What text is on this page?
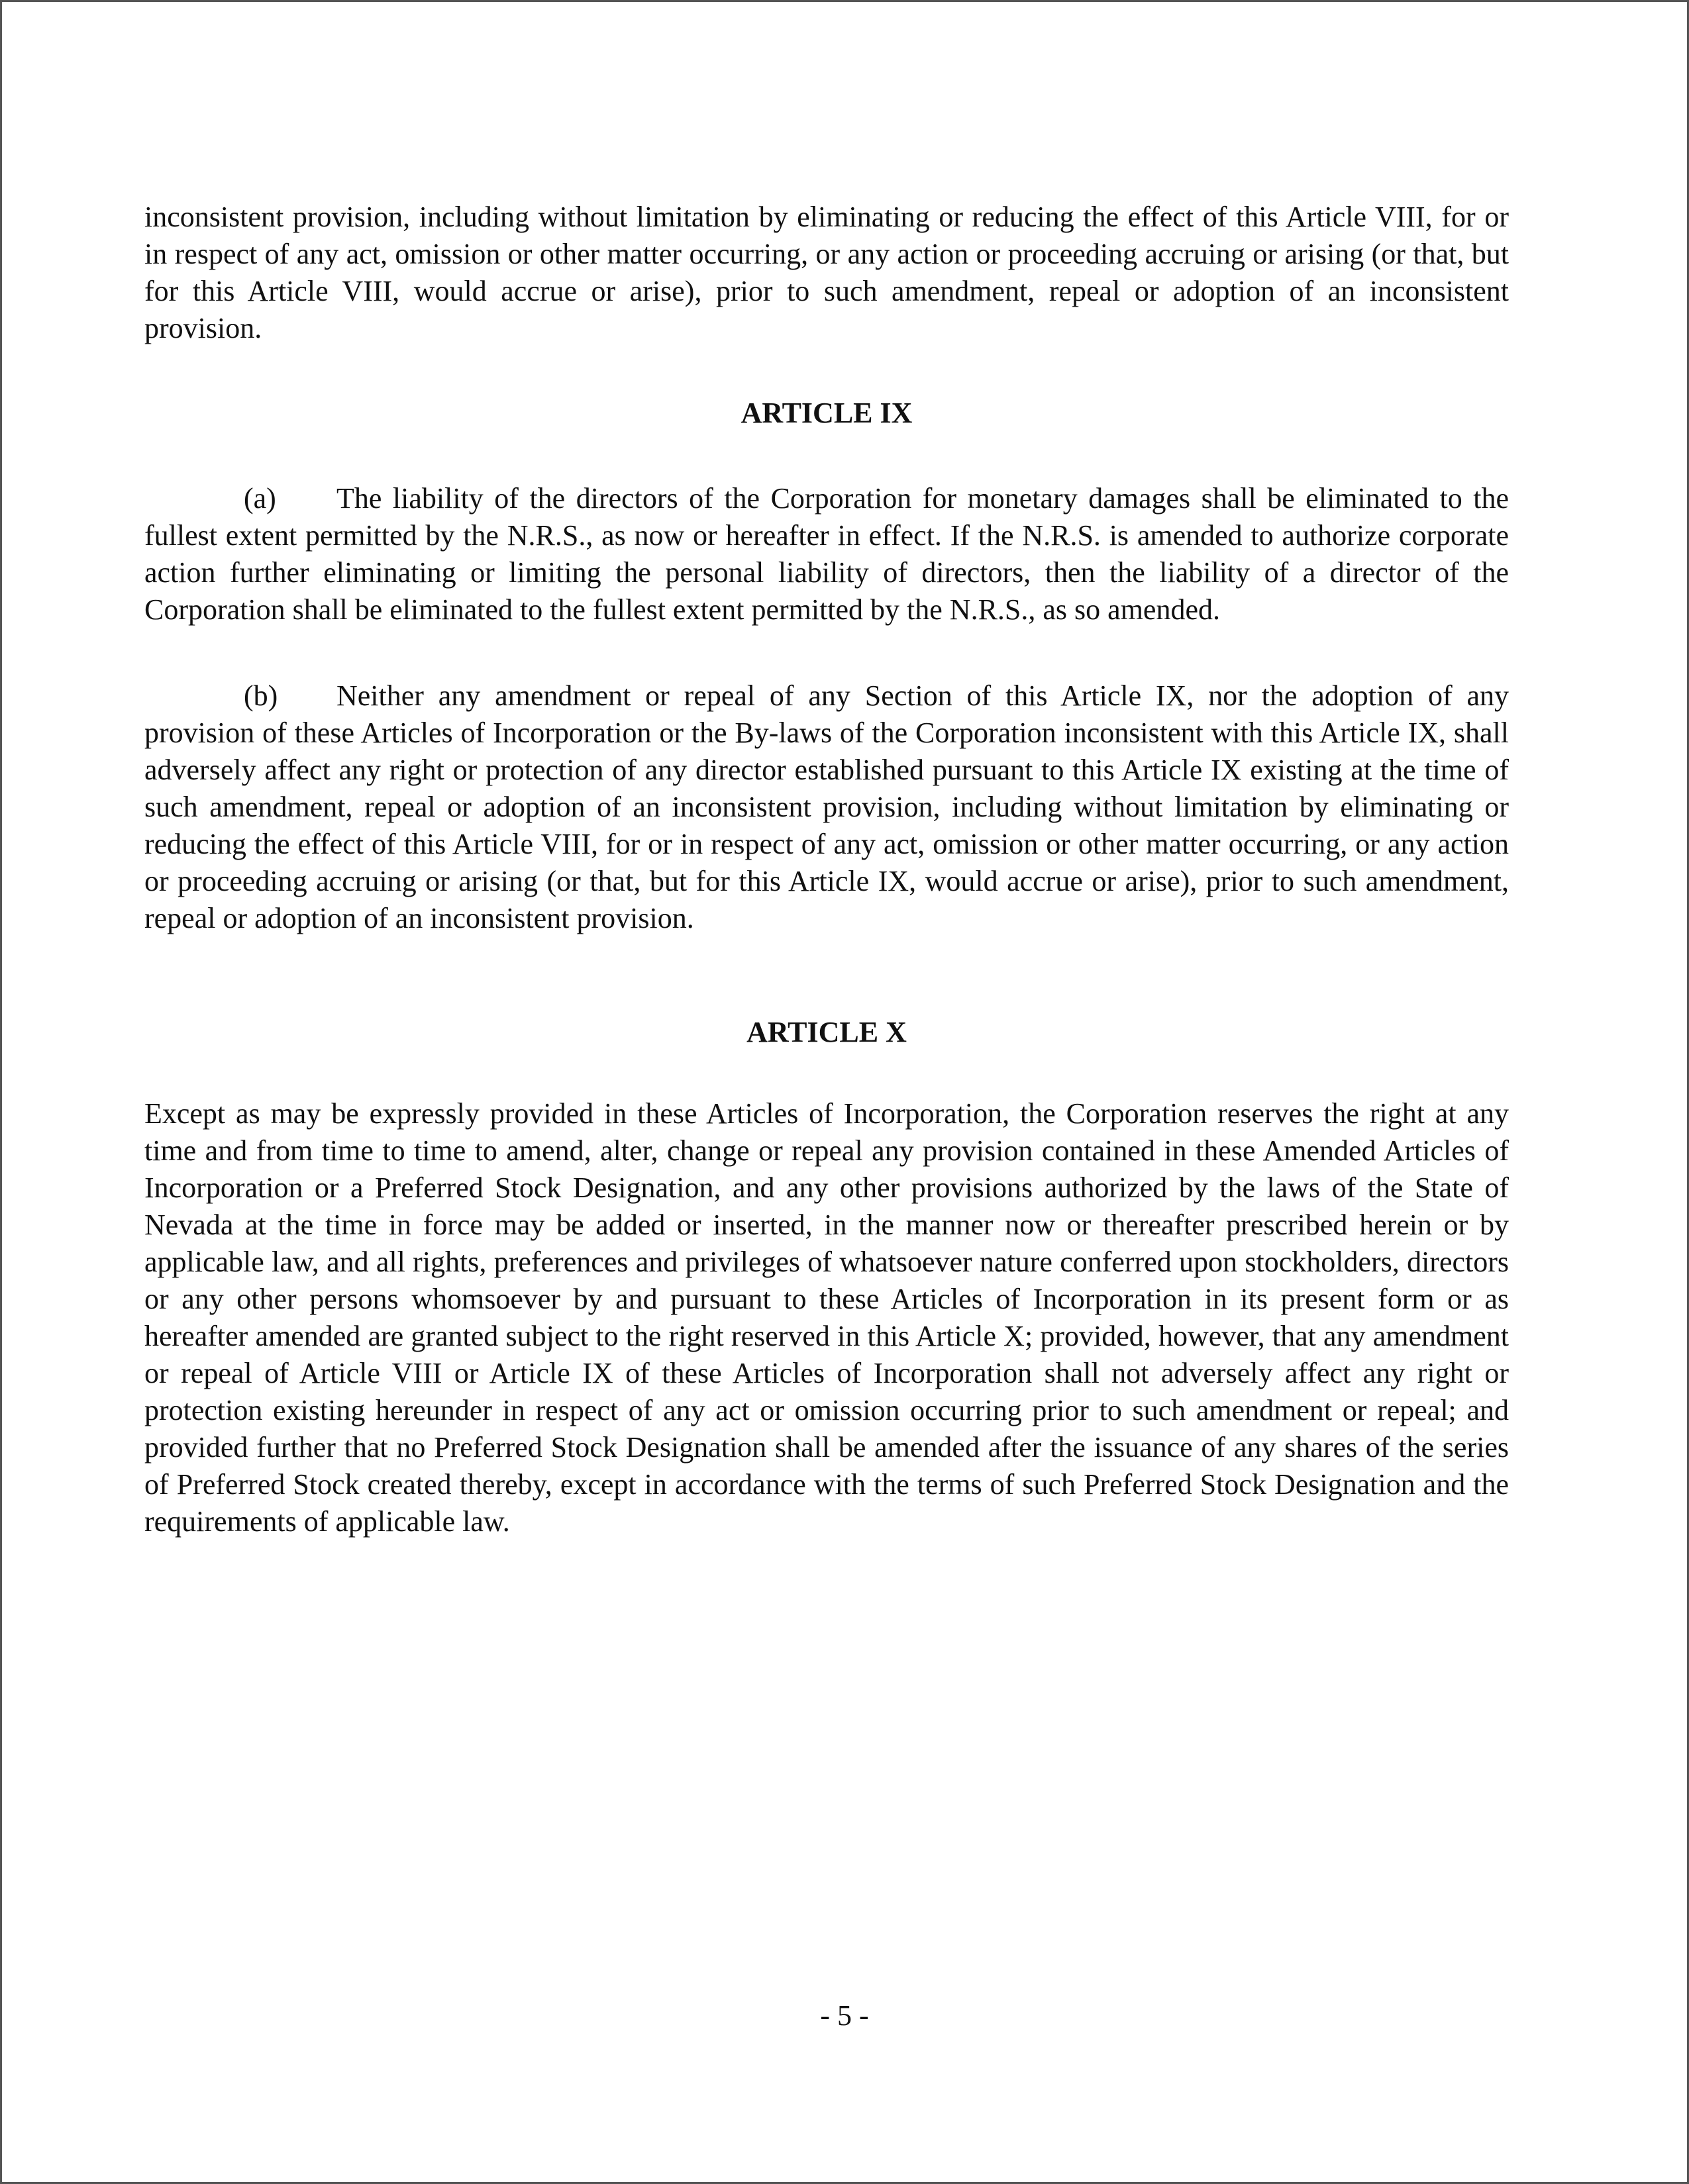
inconsistent provision, including without limitation by eliminating or reducing the effect of this Article VIII, for or in respect of any act, omission or other matter occurring, or any action or proceeding accruing or arising (or that, but for this Article VIII, would accrue or arise), prior to such amendment, repeal or adoption of an inconsistent provision.

ARTICLE IX

(a) The liability of the directors of the Corporation for monetary damages shall be eliminated to the fullest extent permitted by the N.R.S., as now or hereafter in effect. If the N.R.S. is amended to authorize corporate action further eliminating or limiting the personal liability of directors, then the liability of a director of the Corporation shall be eliminated to the fullest extent permitted by the N.R.S., as so amended.

(b) Neither any amendment or repeal of any Section of this Article IX, nor the adoption of any provision of these Articles of Incorporation or the By-laws of the Corporation inconsistent with this Article IX, shall adversely affect any right or protection of any director established pursuant to this Article IX existing at the time of such amendment, repeal or adoption of an inconsistent provision, including without limitation by eliminating or reducing the effect of this Article VIII, for or in respect of any act, omission or other matter occurring, or any action or proceeding accruing or arising (or that, but for this Article IX, would accrue or arise), prior to such amendment, repeal or adoption of an inconsistent provision.

ARTICLE X

Except as may be expressly provided in these Articles of Incorporation, the Corporation reserves the right at any time and from time to time to amend, alter, change or repeal any provision contained in these Amended Articles of Incorporation or a Preferred Stock Designation, and any other provisions authorized by the laws of the State of Nevada at the time in force may be added or inserted, in the manner now or thereafter prescribed herein or by applicable law, and all rights, preferences and privileges of whatsoever nature conferred upon stockholders, directors or any other persons whomsoever by and pursuant to these Articles of Incorporation in its present form or as hereafter amended are granted subject to the right reserved in this Article X; provided, however, that any amendment or repeal of Article VIII or Article IX of these Articles of Incorporation shall not adversely affect any right or protection existing hereunder in respect of any act or omission occurring prior to such amendment or repeal; and provided further that no Preferred Stock Designation shall be amended after the issuance of any shares of the series of Preferred Stock created thereby, except in accordance with the terms of such Preferred Stock Designation and the requirements of applicable law.

- 5 -
